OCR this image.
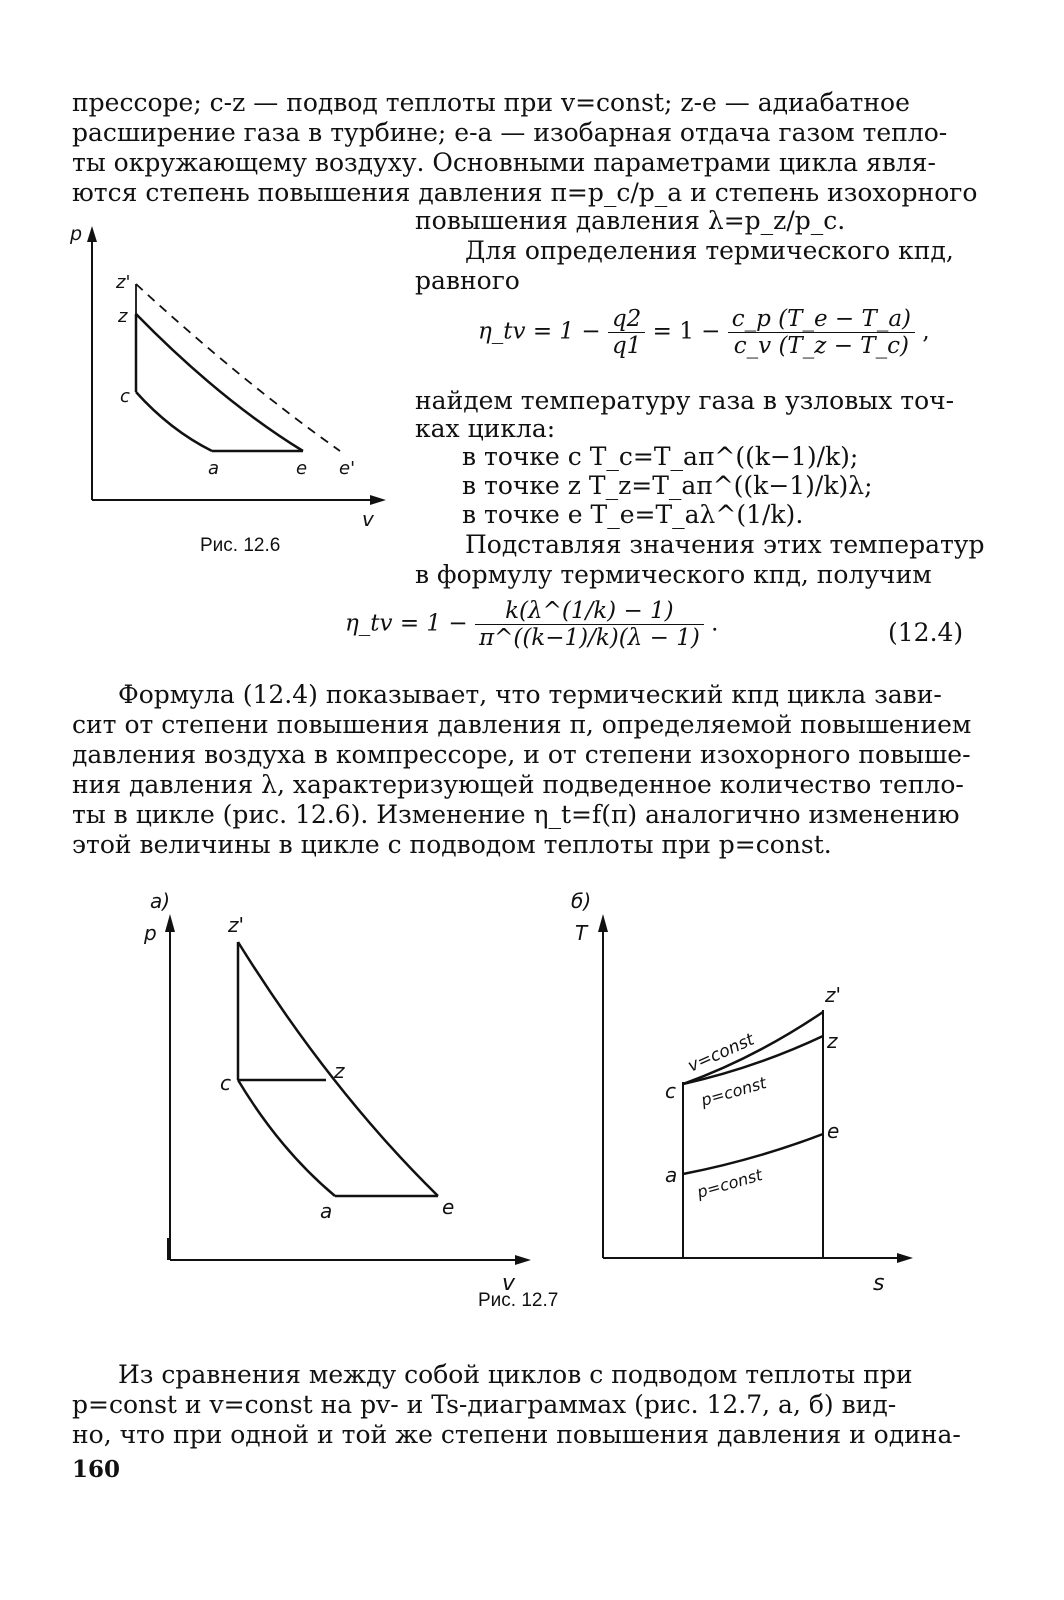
прессоре; c-z — подвод теплоты при v=const; z-e — адиабатное

расширение газа в турбине; e-a — изобарная отдача газом тепло-

ты окружающему воздуху. Основными параметрами цикла явля-

ются степень повышения давления π=p_c/p_a и степень изохорного

повышения давления λ=p_z/p_c.

Для определения термического кпд,

равного

η_tv = $1 - \frac{q2}{q1} = 1 - \frac{c\_p (T\_e - T\_a)}{c\_v (T\_z - T\_c)}$ ,

найдем температуру газа в узловых точ-

ках цикла:

в точке c T_c=T_aπ^((k−1)/k);

в точке z T_z=T_aπ^((k−1)/k)λ;

в точке e T_e=T_aλ^(1/k).

Подставляя значения этих температур

в формулу термического кпд, получим

p
v
z'
z
c
a	e e'
Рис. 12.6
η_tv = $1 - \frac{k(\lambda\^{}(1/k) - 1)}{\pi\^{}((k-1)/k)(\lambda - 1)}$ .	(12.4)

Формула (12.4) показывает, что термический кпд цикла зави-

сит от степени повышения давления π, определяемой повышением

давления воздуха в компрессоре, и от степени изохорного повыше-

ния давления λ, характеризующей подведенное количество тепло-

ты в цикле (рис. 12.6). Изменение η_t=f(π) аналогично изменению

этой величины в цикле с подводом теплоты при p=const.

a)
p
v
z'
c	z
a	e
Рис. 12.7
б)
T
s
z'
z
c
e
a
v=const
p=const
p=const

Из сравнения между собой циклов с подводом теплоты при

p=const и v=const на pv- и Ts-диаграммах (рис. 12.7, a, б) вид-

но, что при одной и той же степени повышения давления и одина-

160
